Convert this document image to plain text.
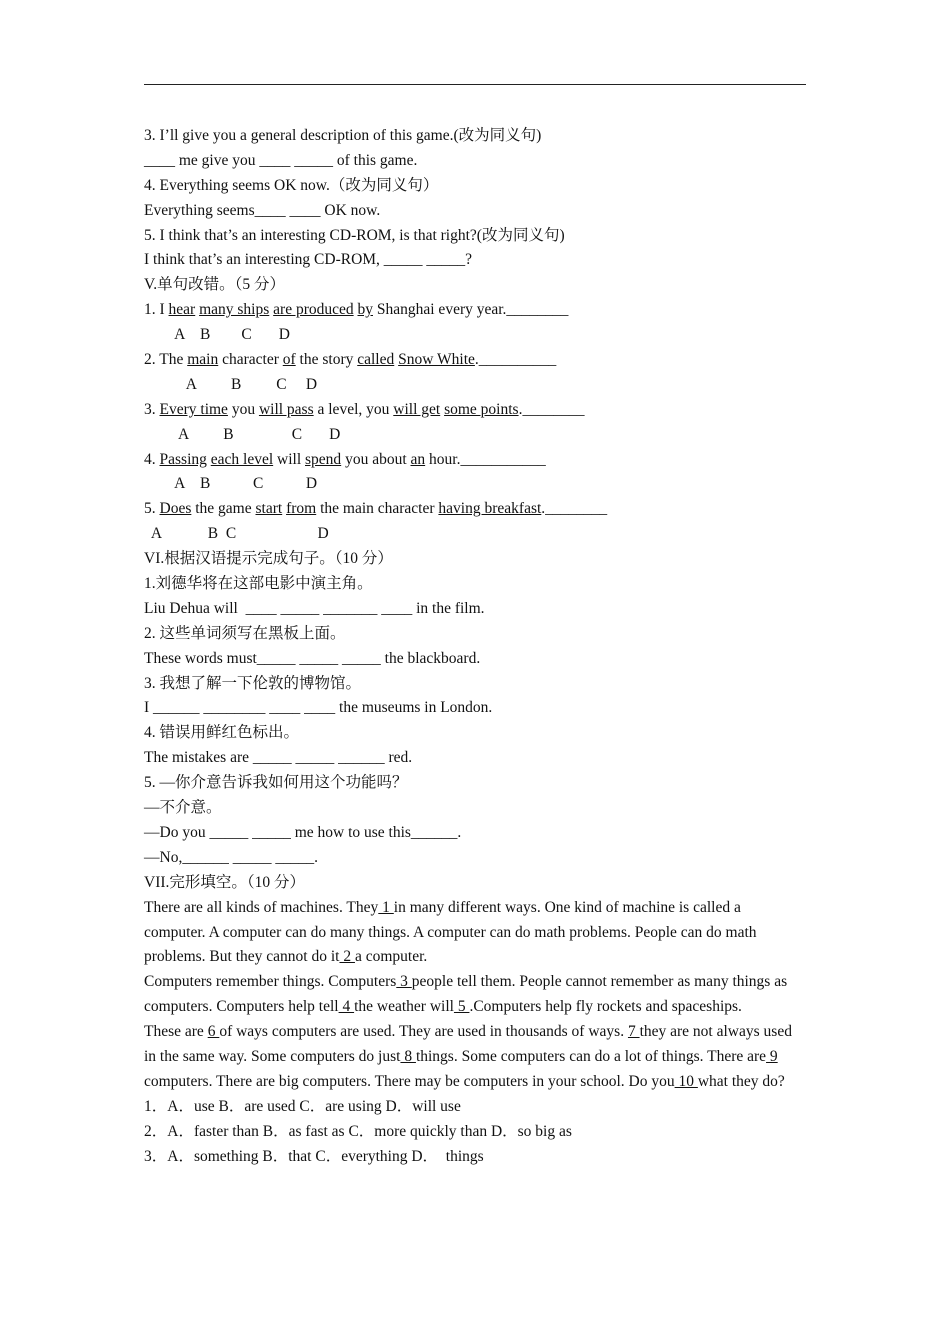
3. I’ll give you a general description of this game.(改为同义句)
____ me give you ____ _____ of this game.
4. Everything seems OK now.（改为同义句）
Everything seems____ ____ OK now.
5. I think that’s an interesting CD-ROM, is that right?(改为同义句)
I think that’s an interesting CD-ROM, _____ _____?
V.单句改错。（5 分）
1. I hear many ships are produced by Shanghai every year.________
A    B        C       D
2. The main character of the story called Snow White.__________
A         B         C     D
3. Every time you will pass a level, you will get some points.________
A         B               C       D
4. Passing each level will spend you about an hour.___________
A    B           C           D
5. Does the game start from the main character having breakfast.________
A            B  C                     D
VI.根据汉语提示完成句子。（10 分）
1.刘德华将在这部电影中演主角。
Liu Dehua will  ____ _____ _______ ____ in the film.
2. 这些单词须写在黑板上面。
These words must_____ _____ _____ the blackboard.
3. 我想了解一下伦敦的博物馆。
I ______ ________ ____ ____ the museums in London.
4. 错误用鲜红色标出。
The mistakes are _____ _____ ______ red.
5. —你介意告诉我如何用这个功能吗？
—不介意。
—Do you _____ _____ me how to use this______.
—No,______ _____ _____.
VII.完形填空。（10 分）

There are all kinds of machines. They 1 in many different ways. One kind of machine is called a computer. A computer can do many things. A computer can do math problems. People can do math problems. But they cannot do it 2 a computer.

Computers remember things. Computers 3 people tell them. People cannot remember as many things as computers. Computers help tell 4 the weather will 5 .Computers help fly rockets and spaceships.

These are 6 of ways computers are used. They are used in thousands of ways. 7 they are not always used in the same way. Some computers do just 8 things. Some computers can do a lot of things. There are 9 computers. There are big computers. There may be computers in your school. Do you 10 what they do?

1．A．use B．are used C．are using D．will use
2．A．faster than B．as fast as C．more quickly than D．so big as
3．A．something B．that C．everything D．  things
